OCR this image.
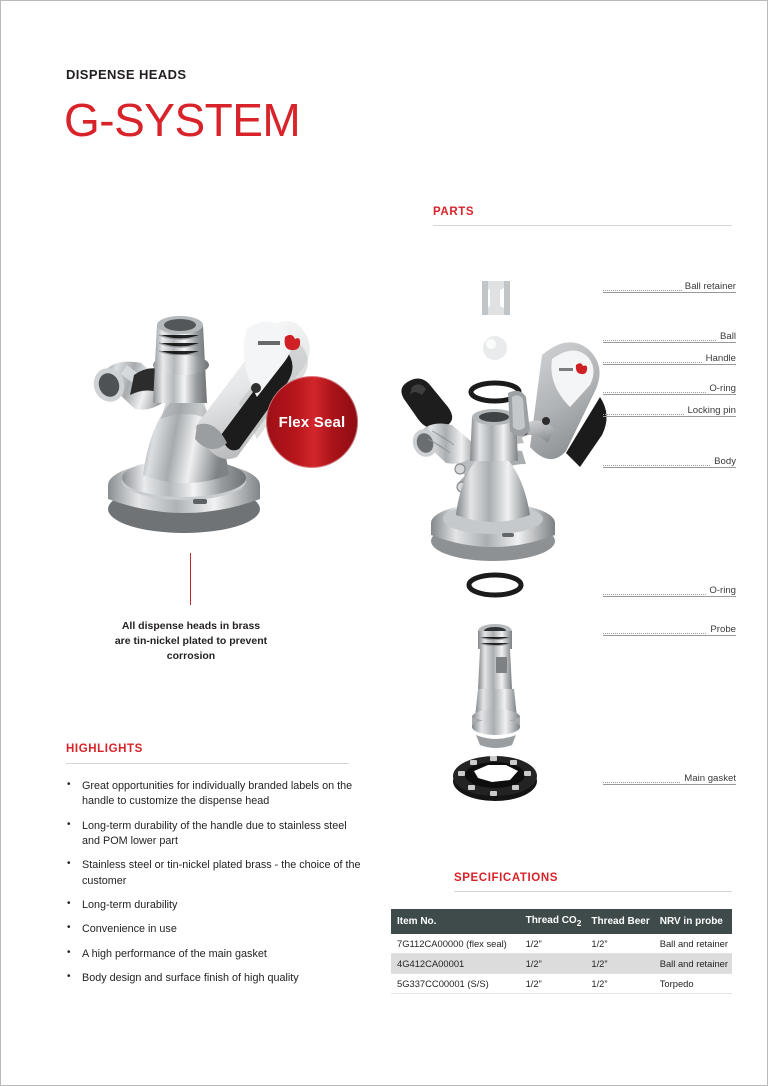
DISPENSE HEADS
G-SYSTEM
Flex Seal
All dispense heads in brass
are tin-nickel plated to prevent
corrosion
HIGHLIGHTS
• Great opportunities for individually branded labels on the handle to customize the dispense head
• Long-term durability of the handle due to stainless steel and POM lower part
• Stainless steel or tin-nickel plated brass - the choice of the customer
• Long-term durability
• Convenience in use
• A high performance of the main gasket
• Body design and surface finish of high quality
PARTS
Ball retainer
Ball
Handle
O-ring
Locking pin
Body
O-ring
Probe
Main gasket
SPECIFICATIONS
Item No.	Thread $CO_2$	Thread Beer	NRV in probe
7G112CA00000 (flex seal)	1/2”	1/2”	Ball and retainer
4G412CA00001	1/2”	1/2”	Ball and retainer
5G337CC00001 (S/S)	1/2”	1/2”	Torpedo
